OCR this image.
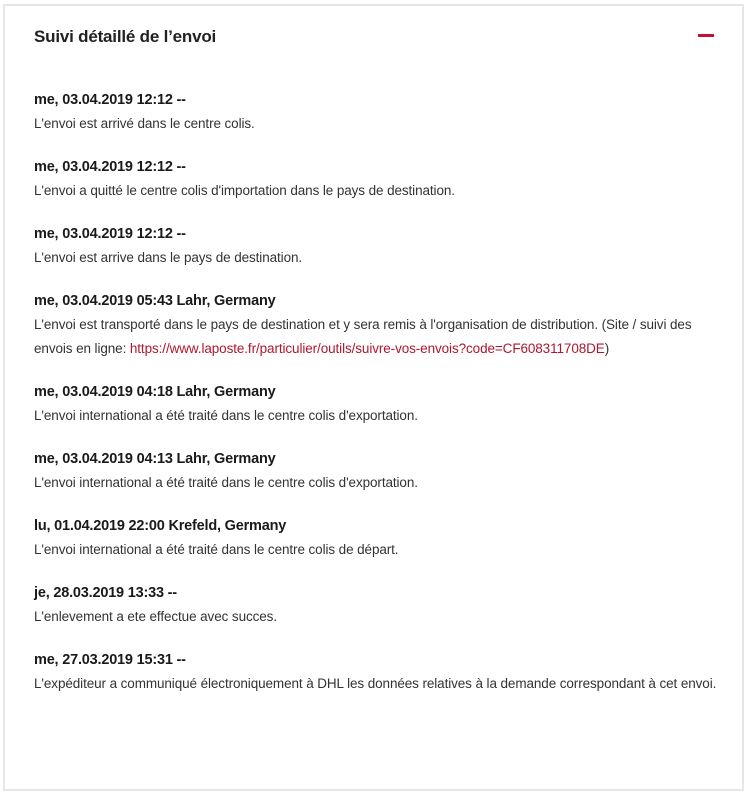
Suivi détaillé de l’envoi
me, 03.04.2019 12:12 --
L'envoi est arrivé dans le centre colis.
me, 03.04.2019 12:12 --
L'envoi a quitté le centre colis d'importation dans le pays de destination.
me, 03.04.2019 12:12 --
L'envoi est arrive dans le pays de destination.
me, 03.04.2019 05:43 Lahr, Germany
L'envoi est transporté dans le pays de destination et y sera remis à l'organisation de distribution. (Site / suivi des envois en ligne: https://www.laposte.fr/particulier/outils/suivre-vos-envois?code=CF608311708DE)
me, 03.04.2019 04:18 Lahr, Germany
L'envoi international a été traité dans le centre colis d'exportation.
me, 03.04.2019 04:13 Lahr, Germany
L'envoi international a été traité dans le centre colis d'exportation.
lu, 01.04.2019 22:00 Krefeld, Germany
L'envoi international a été traité dans le centre colis de départ.
je, 28.03.2019 13:33 --
L'enlevement a ete effectue avec succes.
me, 27.03.2019 15:31 --
L'expéditeur a communiqué électroniquement à DHL les données relatives à la demande correspondant à cet envoi.
